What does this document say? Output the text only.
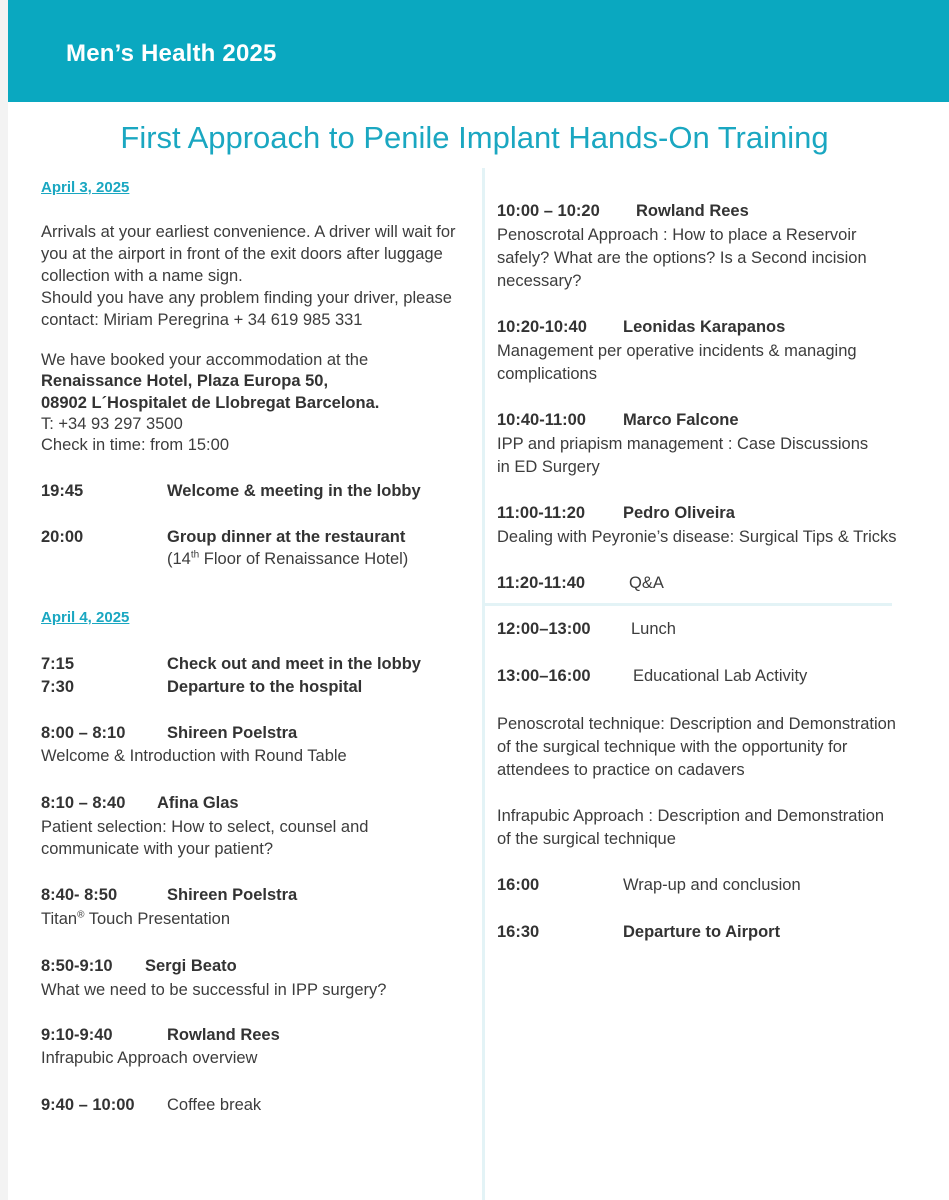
Men’s Health 2025
First Approach to Penile Implant Hands-On Training
April 3, 2025
Arrivals at your earliest convenience. A driver will wait for
you at the airport in front of the exit doors after luggage
collection with a name sign.
Should you have any problem finding your driver, please
contact: Miriam Peregrina + 34 619 985 331
We have booked your accommodation at the
Renaissance Hotel, Plaza Europa 50,
08902 L´Hospitalet de Llobregat Barcelona.
T: +34 93 297 3500
Check in time: from 15:00
19:45	Welcome & meeting in the lobby
20:00	Group dinner at the restaurant
(14th Floor of Renaissance Hotel)
April 4, 2025
7:15	Check out and meet in the lobby
7:30	Departure to the hospital
8:00 – 8:10	Shireen Poelstra
Welcome & Introduction with Round Table
8:10 – 8:40 Afina Glas
Patient selection: How to select, counsel and
communicate with your patient?
8:40- 8:50	Shireen Poelstra
Titan® Touch Presentation
8:50-9:10 Sergi Beato
What we need to be successful in IPP surgery?
9:10-9:40	Rowland Rees
Infrapubic Approach overview
9:40 – 10:00 Coffee break
10:00 – 10:20 Rowland Rees
Penoscrotal Approach : How to place a Reservoir
safely? What are the options? Is a Second incision
necessary?
10:20-10:40 Leonidas Karapanos
Management per operative incidents & managing
complications
10:40-11:00 Marco Falcone
IPP and priapism management : Case Discussions
in ED Surgery
11:00-11:20 Pedro Oliveira
Dealing with Peyronie’s disease: Surgical Tips & Tricks
11:20-11:40	Q&A
12:00–13:00 Lunch
13:00–16:00	Educational Lab Activity
Penoscrotal technique: Description and Demonstration
of the surgical technique with the opportunity for
attendees to practice on cadavers
Infrapubic Approach : Description and Demonstration
of the surgical technique
16:00	Wrap-up and conclusion
16:30	Departure to Airport
